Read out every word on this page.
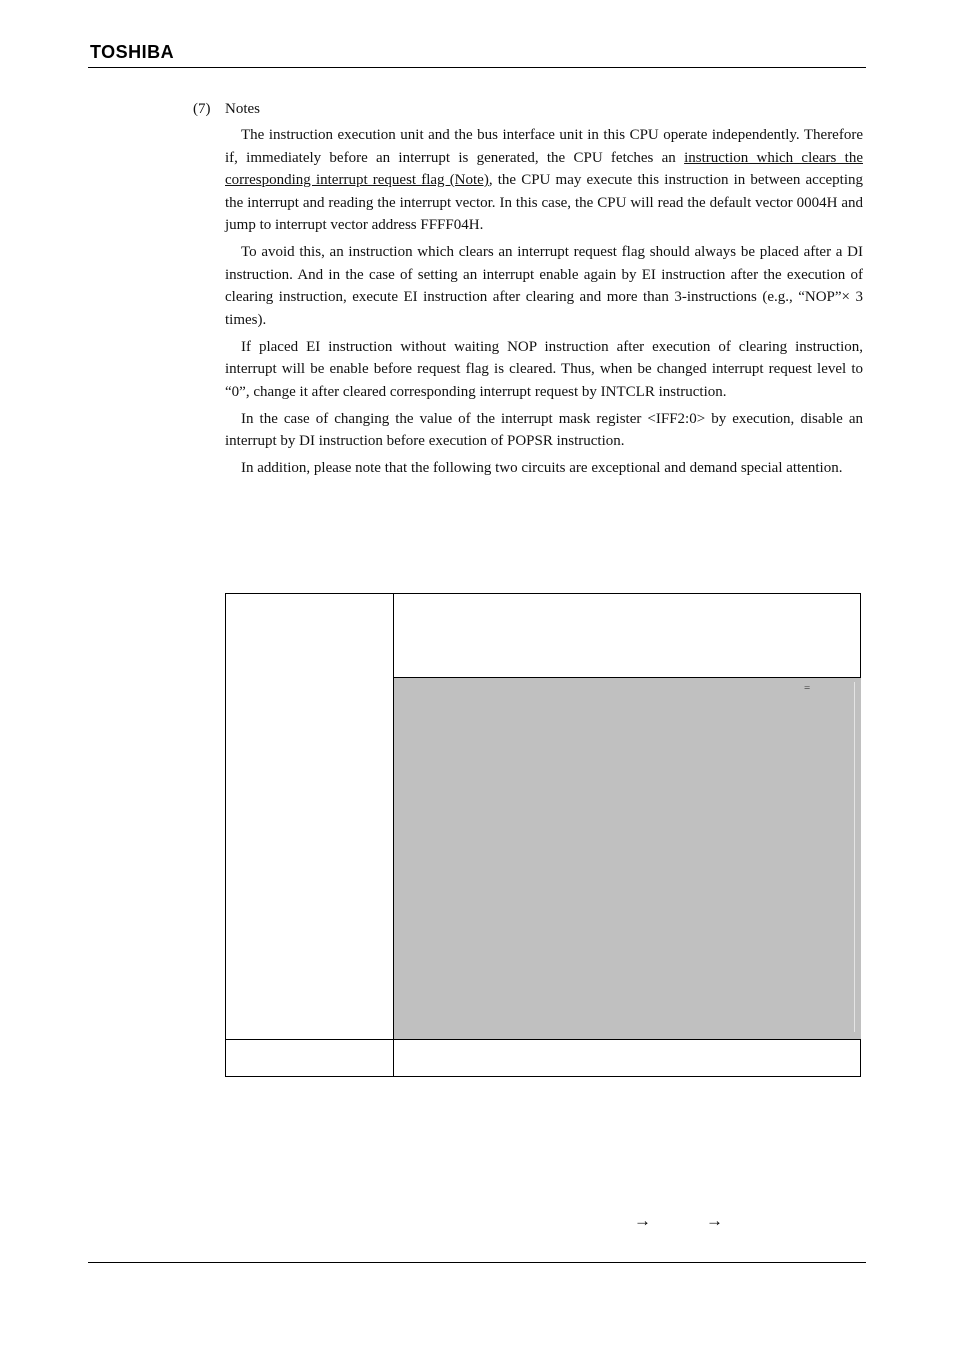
TOSHIBA
(7) Notes

The instruction execution unit and the bus interface unit in this CPU operate independently. Therefore if, immediately before an interrupt is generated, the CPU fetches an instruction which clears the corresponding interrupt request flag (Note), the CPU may execute this instruction in between accepting the interrupt and reading the interrupt vector. In this case, the CPU will read the default vector 0004H and jump to interrupt vector address FFFF04H.

To avoid this, an instruction which clears an interrupt request flag should always be placed after a DI instruction. And in the case of setting an interrupt enable again by EI instruction after the execution of clearing instruction, execute EI instruction after clearing and more than 3-instructions (e.g., “NOP”× 3 times).

If placed EI instruction without waiting NOP instruction after execution of clearing instruction, interrupt will be enable before request flag is cleared. Thus, when be changed interrupt request level to “0”, change it after cleared corresponding interrupt request by INTCLR instruction.

In the case of changing the value of the interrupt mask register <IFF2:0> by execution, disable an interrupt by DI instruction before execution of POPSR instruction.

In addition, please note that the following two circuits are exceptional and demand special attention.

=
→	→
